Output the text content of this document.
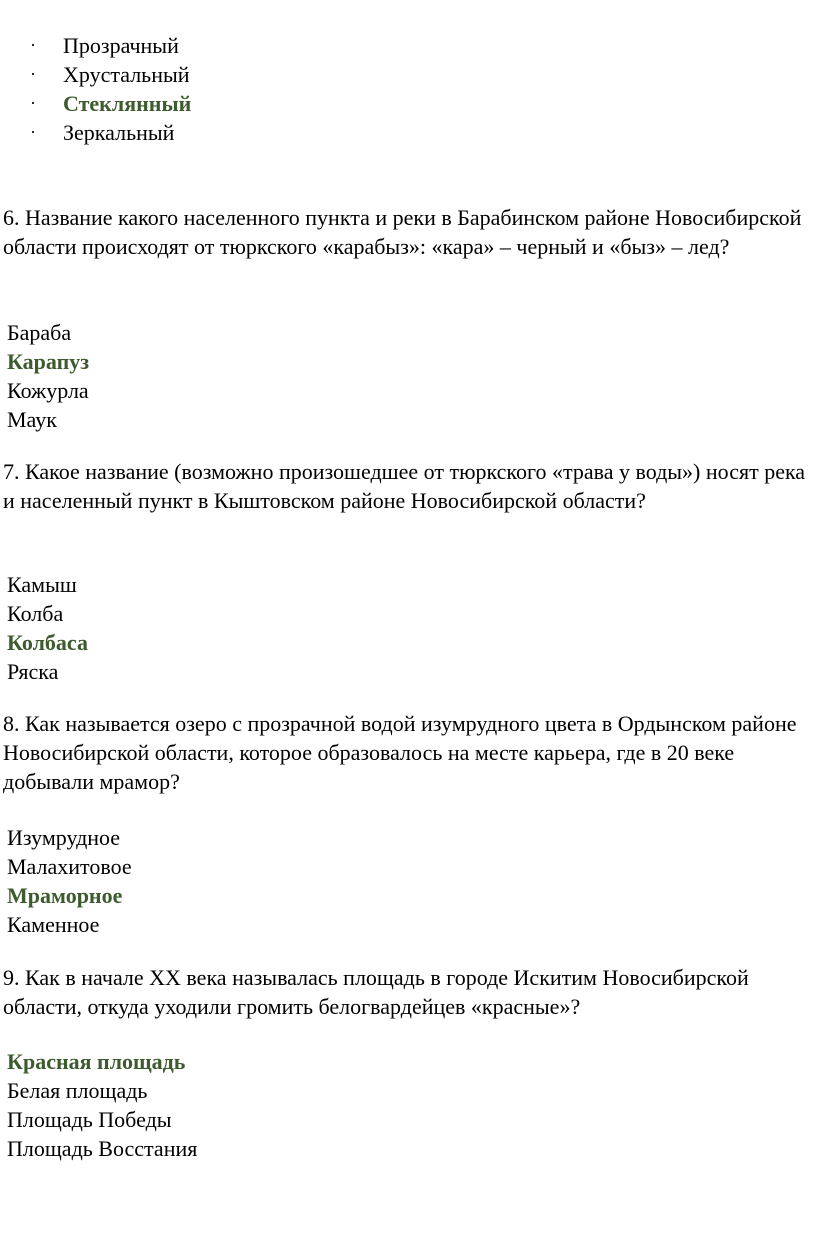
· Прозрачный
· Хрустальный
· Стеклянный
· Зеркальный

6. Название какого населенного пункта и реки в Барабинском районе Новосибирской области происходят от тюркского «карабыз»: «кара» – черный и «быз» – лед?

Бараба
Карапуз
Кожурла
Маук

7. Какое название (возможно произошедшее от тюркского «трава у воды») носят река и населенный пункт в Кыштовском районе Новосибирской области?

Камыш
Колба
Колбаса
Ряска

8. Как называется озеро с прозрачной водой изумрудного цвета в Ордынском районе Новосибирской области, которое образовалось на месте карьера, где в 20 веке добывали мрамор?

Изумрудное
Малахитовое
Мраморное
Каменное

9. Как в начале XX века называлась площадь в городе Искитим Новосибирской области, откуда уходили громить белогвардейцев «красные»?

Красная площадь
Белая площадь
Площадь Победы
Площадь Восстания
